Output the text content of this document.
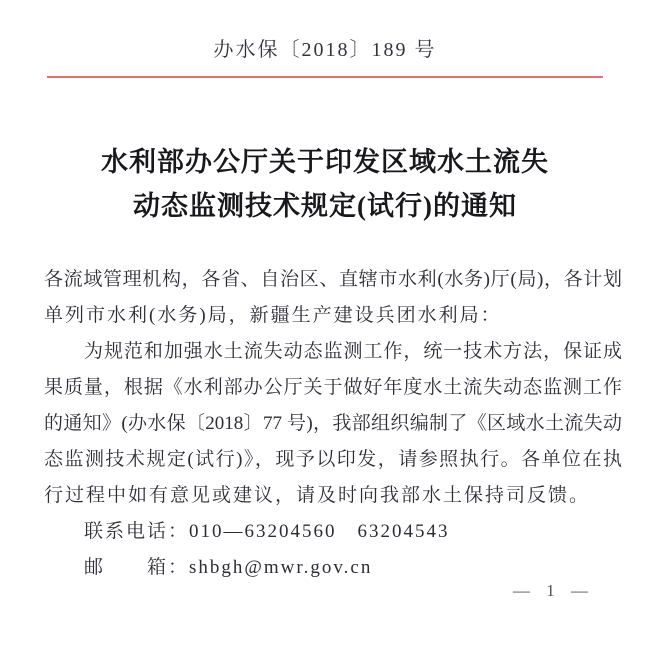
办水保〔2018〕189 号
水利部办公厅关于印发区域水土流失
动态监测技术规定(试行)的通知
各流域管理机构，各省、自治区、直辖市水利(水务)厅(局)，各计划
单列市水利(水务)局，新疆生产建设兵团水利局：
为规范和加强水土流失动态监测工作，统一技术方法，保证成
果质量，根据《水利部办公厅关于做好年度水土流失动态监测工作
的通知》(办水保〔2018〕77 号)，我部组织编制了《区域水土流失动
态监测技术规定(试行)》，现予以印发，请参照执行。各单位在执
行过程中如有意见或建议，请及时向我部水土保持司反馈。
联系电话：010—63204560　63204543
邮　　箱：shbgh@mwr.gov.cn
— 1 —
